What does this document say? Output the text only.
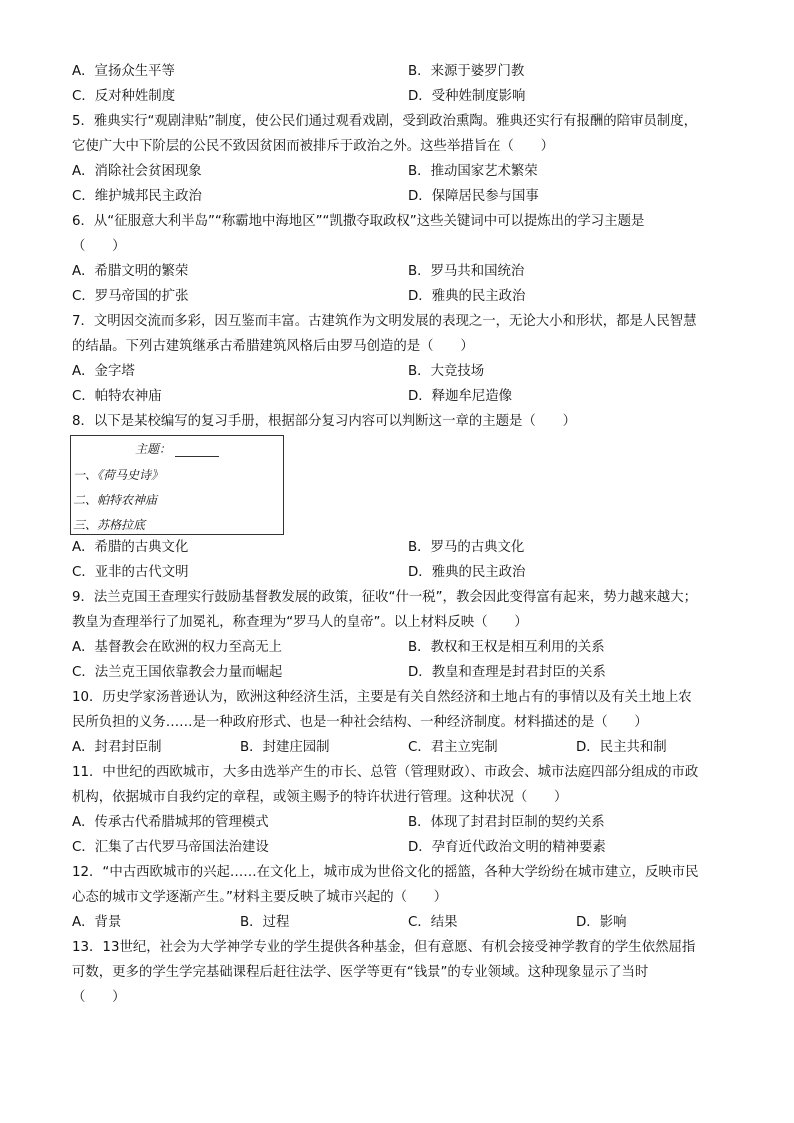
A．宣扬众生平等	B．来源于婆罗门教
C．反对种姓制度	D．受种姓制度影响
5．雅典实行“观剧津贴”制度，使公民们通过观看戏剧，受到政治熏陶。雅典还实行有报酬的陪审员制度，
它使广大中下阶层的公民不致因贫困而被排斥于政治之外。这些举措旨在（　　）
A．消除社会贫困现象	B．推动国家艺术繁荣
C．维护城邦民主政治	D．保障居民参与国事
6．从“征服意大利半岛”“称霸地中海地区”“凯撒夺取政权”这些关键词中可以提炼出的学习主题是
（　　）
A．希腊文明的繁荣	B．罗马共和国统治
C．罗马帝国的扩张	D．雅典的民主政治
7．文明因交流而多彩，因互鉴而丰富。古建筑作为文明发展的表现之一，无论大小和形状，都是人民智慧
的结晶。下列古建筑继承古希腊建筑风格后由罗马创造的是（　　）
A．金字塔	B．大竞技场
C．帕特农神庙	D．释迦牟尼造像
8．以下是某校编写的复习手册，根据部分复习内容可以判断这一章的主题是（　　）
主题：
一、《荷马史诗》
二、帕特农神庙
三、苏格拉底
A．希腊的古典文化	B．罗马的古典文化
C．亚非的古代文明	D．雅典的民主政治
9．法兰克国王查理实行鼓励基督教发展的政策，征收“什一税”，教会因此变得富有起来，势力越来越大；
教皇为查理举行了加冕礼，称查理为“罗马人的皇帝”。以上材料反映（　　）
A．基督教会在欧洲的权力至高无上	B．教权和王权是相互利用的关系
C．法兰克王国依靠教会力量而崛起	D．教皇和查理是封君封臣的关系
10．历史学家汤普逊认为，欧洲这种经济生活，主要是有关自然经济和土地占有的事情以及有关土地上农
民所负担的义务……是一种政府形式、也是一种社会结构、一种经济制度。材料描述的是（　　）
A．封君封臣制	B．封建庄园制	C．君主立宪制	D．民主共和制
11．中世纪的西欧城市，大多由选举产生的市长、总管（管理财政）、市政会、城市法庭四部分组成的市政
机构，依据城市自我约定的章程，或领主赐予的特许状进行管理。这种状况（　　）
A．传承古代希腊城邦的管理模式	B．体现了封君封臣制的契约关系
C．汇集了古代罗马帝国法治建设	D．孕育近代政治文明的精神要素
12．“中古西欧城市的兴起……在文化上，城市成为世俗文化的摇篮，各种大学纷纷在城市建立，反映市民
心态的城市文学逐渐产生。”材料主要反映了城市兴起的（　　）
A．背景	B．过程	C．结果	D．影响
13．13世纪，社会为大学神学专业的学生提供各种基金，但有意愿、有机会接受神学教育的学生依然屈指
可数，更多的学生学完基础课程后赶往法学、医学等更有“钱景”的专业领域。这种现象显示了当时
（　　）
